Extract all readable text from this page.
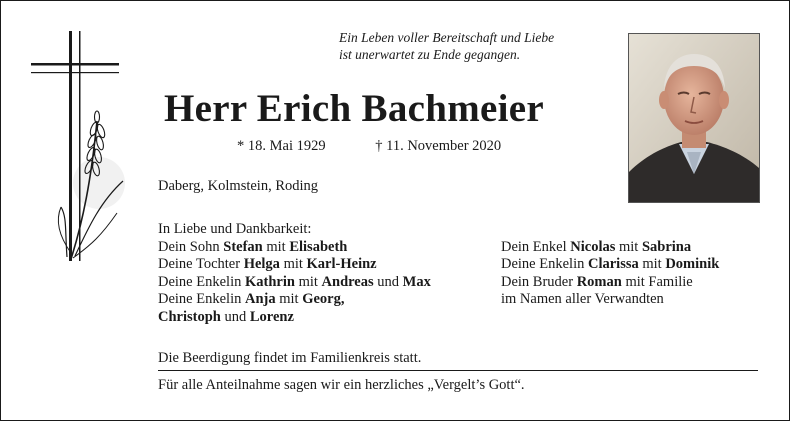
Ein Leben voller Bereitschaft und Liebe
ist unerwartet zu Ende gegangen.
Herr Erich Bachmeier
* 18. Mai 1929	† 11. November 2020
Daberg, Kolmstein, Roding
In Liebe und Dankbarkeit:
Dein Sohn Stefan mit Elisabeth
Deine Tochter Helga mit Karl-Heinz
Deine Enkelin Kathrin mit Andreas und Max
Deine Enkelin Anja mit Georg,
Christoph und Lorenz
Dein Enkel Nicolas mit Sabrina
Deine Enkelin Clarissa mit Dominik
Dein Bruder Roman mit Familie
im Namen aller Verwandten
Die Beerdigung findet im Familienkreis statt.
Für alle Anteilnahme sagen wir ein herzliches „Vergelt’s Gott“.
